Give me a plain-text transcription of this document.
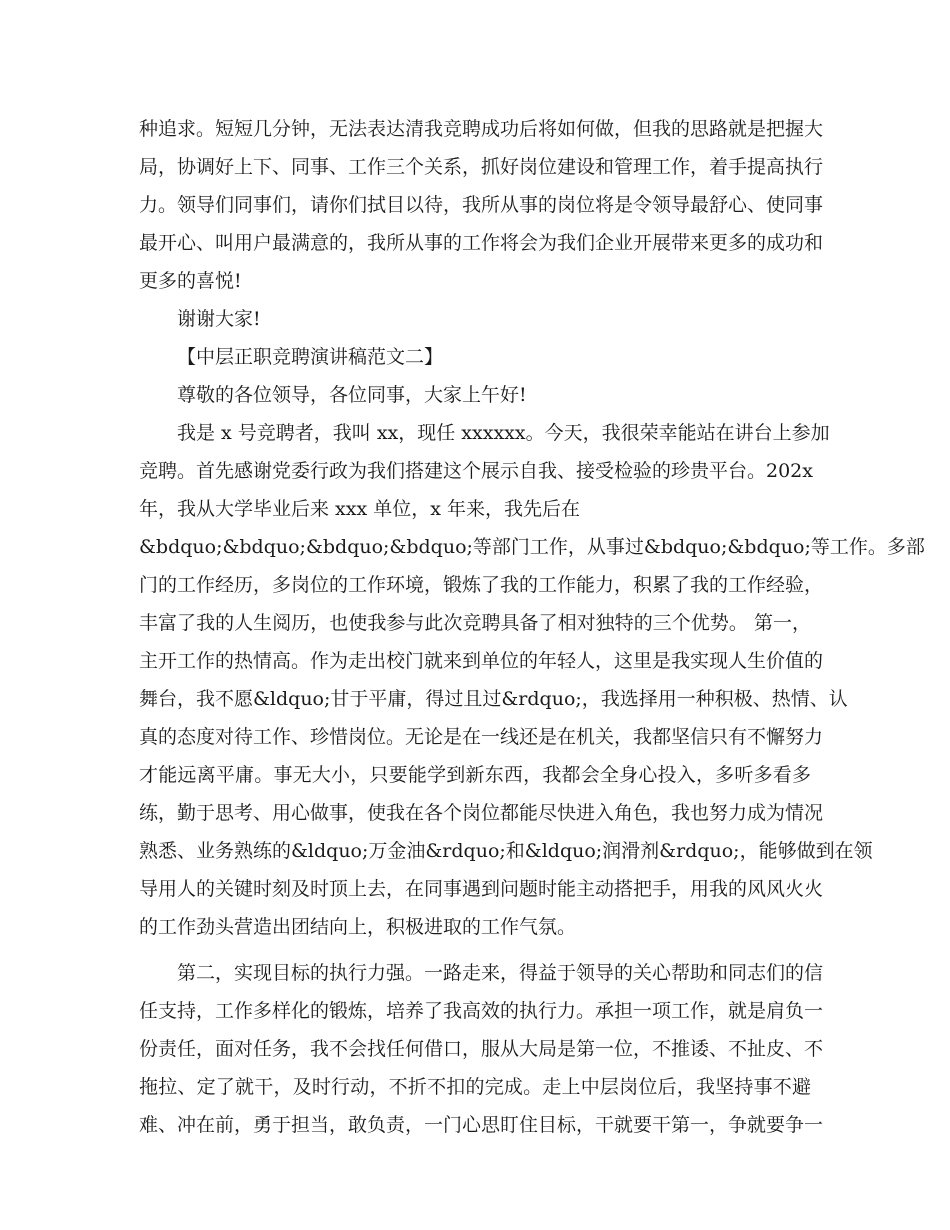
种追求。短短几分钟，无法表达清我竞聘成功后将如何做，但我的思路就是把握大
局，协调好上下、同事、工作三个关系，抓好岗位建设和管理工作，着手提高执行
力。领导们同事们，请你们拭目以待，我所从事的岗位将是令领导最舒心、使同事
最开心、叫用户最满意的，我所从事的工作将会为我们企业开展带来更多的成功和
更多的喜悦!
谢谢大家!
【中层正职竞聘演讲稿范文二】
尊敬的各位领导，各位同事，大家上午好!
我是 x 号竞聘者，我叫 xx，现任 xxxxxx。今天，我很荣幸能站在讲台上参加
竞聘。首先感谢党委行政为我们搭建这个展示自我、接受检验的珍贵平台。202x
年，我从大学毕业后来 xxx 单位，x 年来，我先后在
&bdquo;&bdquo;&bdquo;&bdquo;等部门工作，从事过&bdquo;&bdquo;等工作。多部
门的工作经历，多岗位的工作环境，锻炼了我的工作能力，积累了我的工作经验，
丰富了我的人生阅历，也使我参与此次竞聘具备了相对独特的三个优势。 第一，
主开工作的热情高。作为走出校门就来到单位的年轻人，这里是我实现人生价值的
舞台，我不愿&ldquo;甘于平庸，得过且过&rdquo;，我选择用一种积极、热情、认
真的态度对待工作、珍惜岗位。无论是在一线还是在机关，我都坚信只有不懈努力
才能远离平庸。事无大小，只要能学到新东西，我都会全身心投入，多听多看多
练，勤于思考、用心做事，使我在各个岗位都能尽快进入角色，我也努力成为情况
熟悉、业务熟练的&ldquo;万金油&rdquo;和&ldquo;润滑剂&rdquo;，能够做到在领
导用人的关键时刻及时顶上去，在同事遇到问题时能主动搭把手，用我的风风火火
的工作劲头营造出团结向上，积极进取的工作气氛。
第二，实现目标的执行力强。一路走来，得益于领导的关心帮助和同志们的信
任支持，工作多样化的锻炼，培养了我高效的执行力。承担一项工作，就是肩负一
份责任，面对任务，我不会找任何借口，服从大局是第一位，不推诿、不扯皮、不
拖拉、定了就干，及时行动，不折不扣的完成。走上中层岗位后，我坚持事不避
难、冲在前，勇于担当，敢负责，一门心思盯住目标，干就要干第一，争就要争一
